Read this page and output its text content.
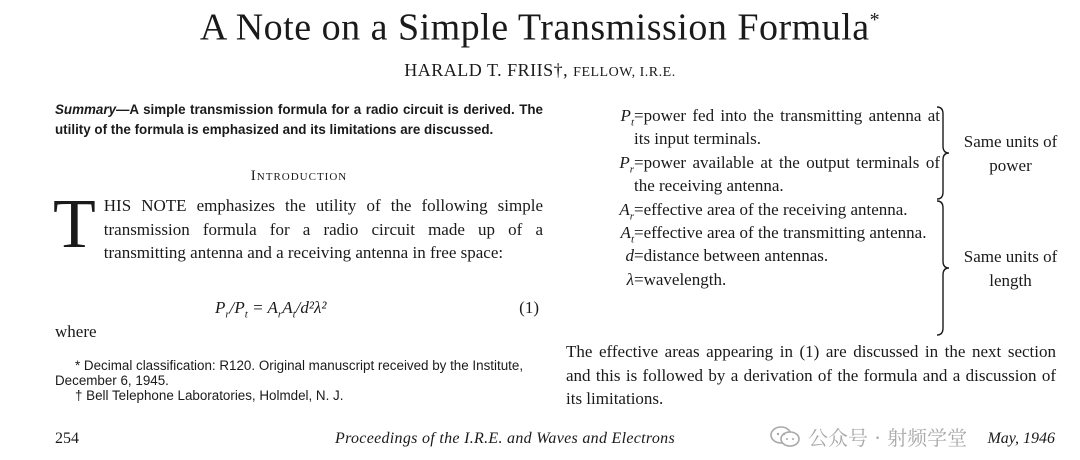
A Note on a Simple Transmission Formula*
HARALD T. FRIIS†, FELLOW, I.R.E.
Summary—A simple transmission formula for a radio circuit is derived. The utility of the formula is emphasized and its limitations are discussed.
Introduction
THIS NOTE emphasizes the utility of the following simple transmission formula for a radio circuit made up of a transmitting antenna and a receiving antenna in free space:
$P_r/P_t = A_rA_t/d^2\lambda^2$	(1)
where
* Decimal classification: R120. Original manuscript received by the Institute, December 6, 1945.
† Bell Telephone Laboratories, Holmdel, N. J.
$P_t$ =power fed into the transmitting antenna at its input terminals.
$P_r$ =power available at the output terminals of the receiving antenna.
$A_r$ =effective area of the receiving antenna.
$A_t$ =effective area of the transmitting antenna.
d =distance between antennas.
λ =wavelength.
Same units of power
Same units of length
The effective areas appearing in (1) are discussed in the next section and this is followed by a derivation of the formula and a discussion of its limitations.
254	Proceedings of the I.R.E. and Waves and Electrons	May, 1946
公众号 · 射频学堂
